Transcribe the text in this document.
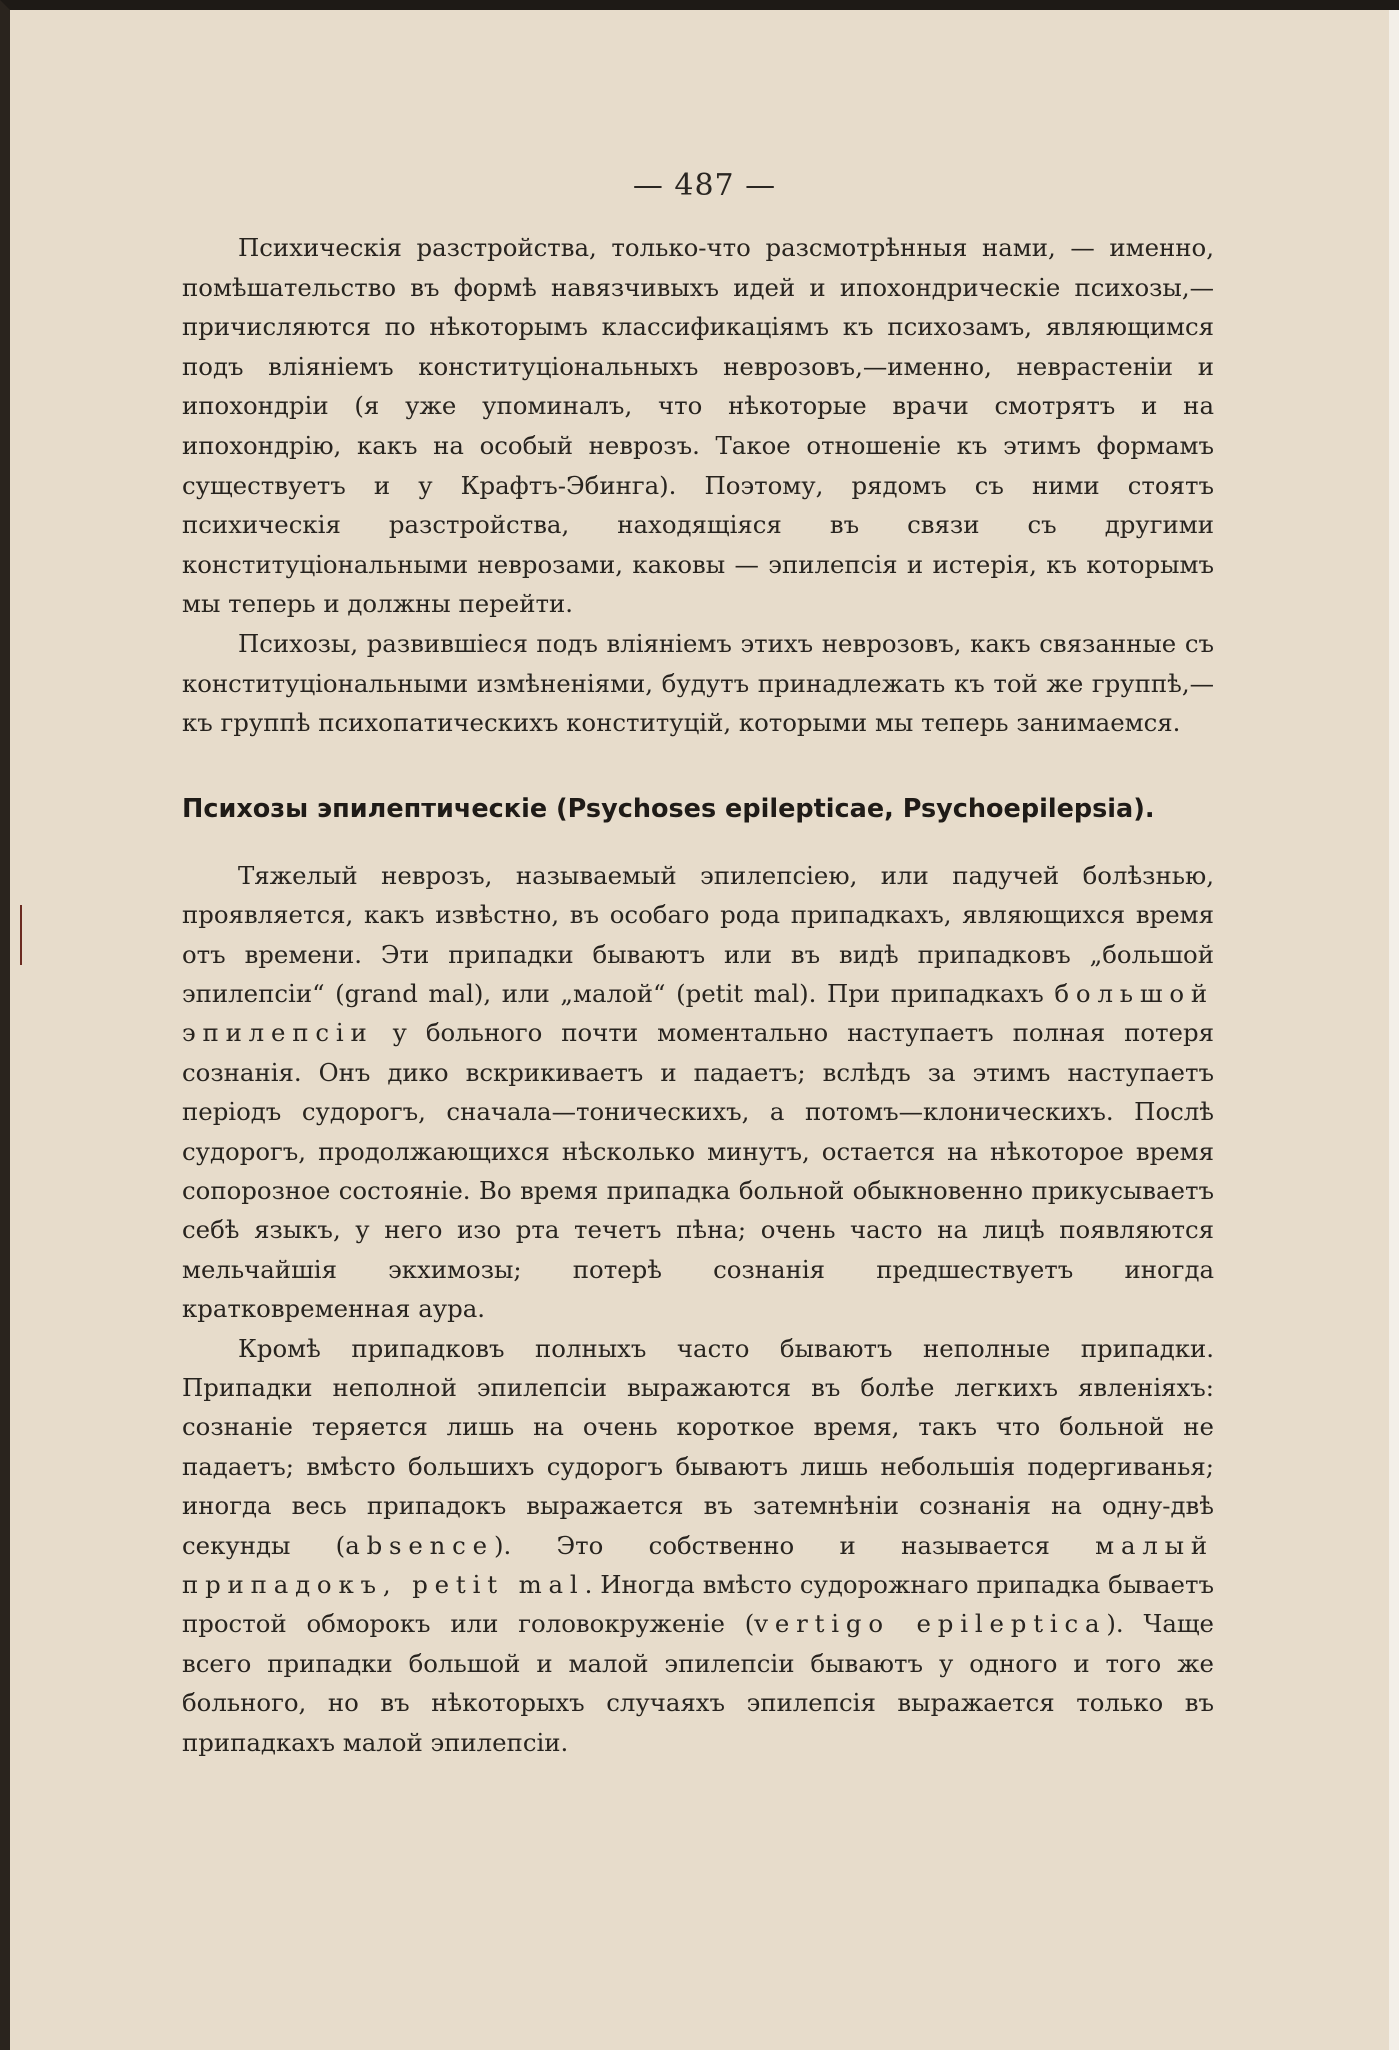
— 487 —

Психическія разстройства, только-что разсмотрѣнныя нами, — именно, помѣшательство въ формѣ навязчивыхъ идей и ипохондрическіе психозы,—причисляются по нѣкоторымъ классификаціямъ къ психозамъ, являющимся подъ вліяніемъ конституціональныхъ неврозовъ,—именно, неврастеніи и ипохондріи (я уже упоминалъ, что нѣкоторые врачи смотрятъ и на ипохондрію, какъ на особый неврозъ. Такое отношеніе къ этимъ формамъ существуетъ и у Крафтъ-Эбинга). Поэтому, рядомъ съ ними стоятъ психическія разстройства, находящіяся въ связи съ другими конституціональными неврозами, каковы — эпилепсія и истерія, къ которымъ мы теперь и должны перейти.

Психозы, развившіеся подъ вліяніемъ этихъ неврозовъ, какъ связанные съ конституціональными измѣненіями, будутъ принадлежать къ той же группѣ,—къ группѣ психопатическихъ конституцій, которыми мы теперь занимаемся.

Психозы эпилептическіе (Psychoses epilepticae, Psychoepilepsia).

Тяжелый неврозъ, называемый эпилепсіею, или падучей болѣзнью, проявляется, какъ извѣстно, въ особаго рода припадкахъ, являющихся время отъ времени. Эти припадки бываютъ или въ видѣ припадковъ „большой эпилепсіи“ (grand mal), или „малой“ (petit mal). При припадкахъ большой эпилепсіи у больного почти моментально наступаетъ полная потеря сознанія. Онъ дико вскрикиваетъ и падаетъ; вслѣдъ за этимъ наступаетъ періодъ судорогъ, сначала—тоническихъ, а потомъ—клоническихъ. Послѣ судорогъ, продолжающихся нѣсколько минутъ, остается на нѣкоторое время сопорозное состояніе. Во время припадка больной обыкновенно прикусываетъ себѣ языкъ, у него изо рта течетъ пѣна; очень часто на лицѣ появляются мельчайшія экхимозы; потерѣ сознанія предшествуетъ иногда кратковременная аура.

Кромѣ припадковъ полныхъ часто бываютъ неполные припадки. Припадки неполной эпилепсіи выражаются въ болѣе легкихъ явленіяхъ: сознаніе теряется лишь на очень короткое время, такъ что больной не падаетъ; вмѣсто большихъ судорогъ бываютъ лишь небольшія подергиванья; иногда весь припадокъ выражается въ затемнѣніи сознанія на одну-двѣ секунды (absence). Это собственно и называется малый припадокъ, petit mal. Иногда вмѣсто судорожнаго припадка бываетъ простой обморокъ или головокруженіе (vertigo epileptica). Чаще всего припадки большой и малой эпилепсіи бываютъ у одного и того же больного, но въ нѣкоторыхъ случаяхъ эпилепсія выражается только въ припадкахъ малой эпилепсіи.
